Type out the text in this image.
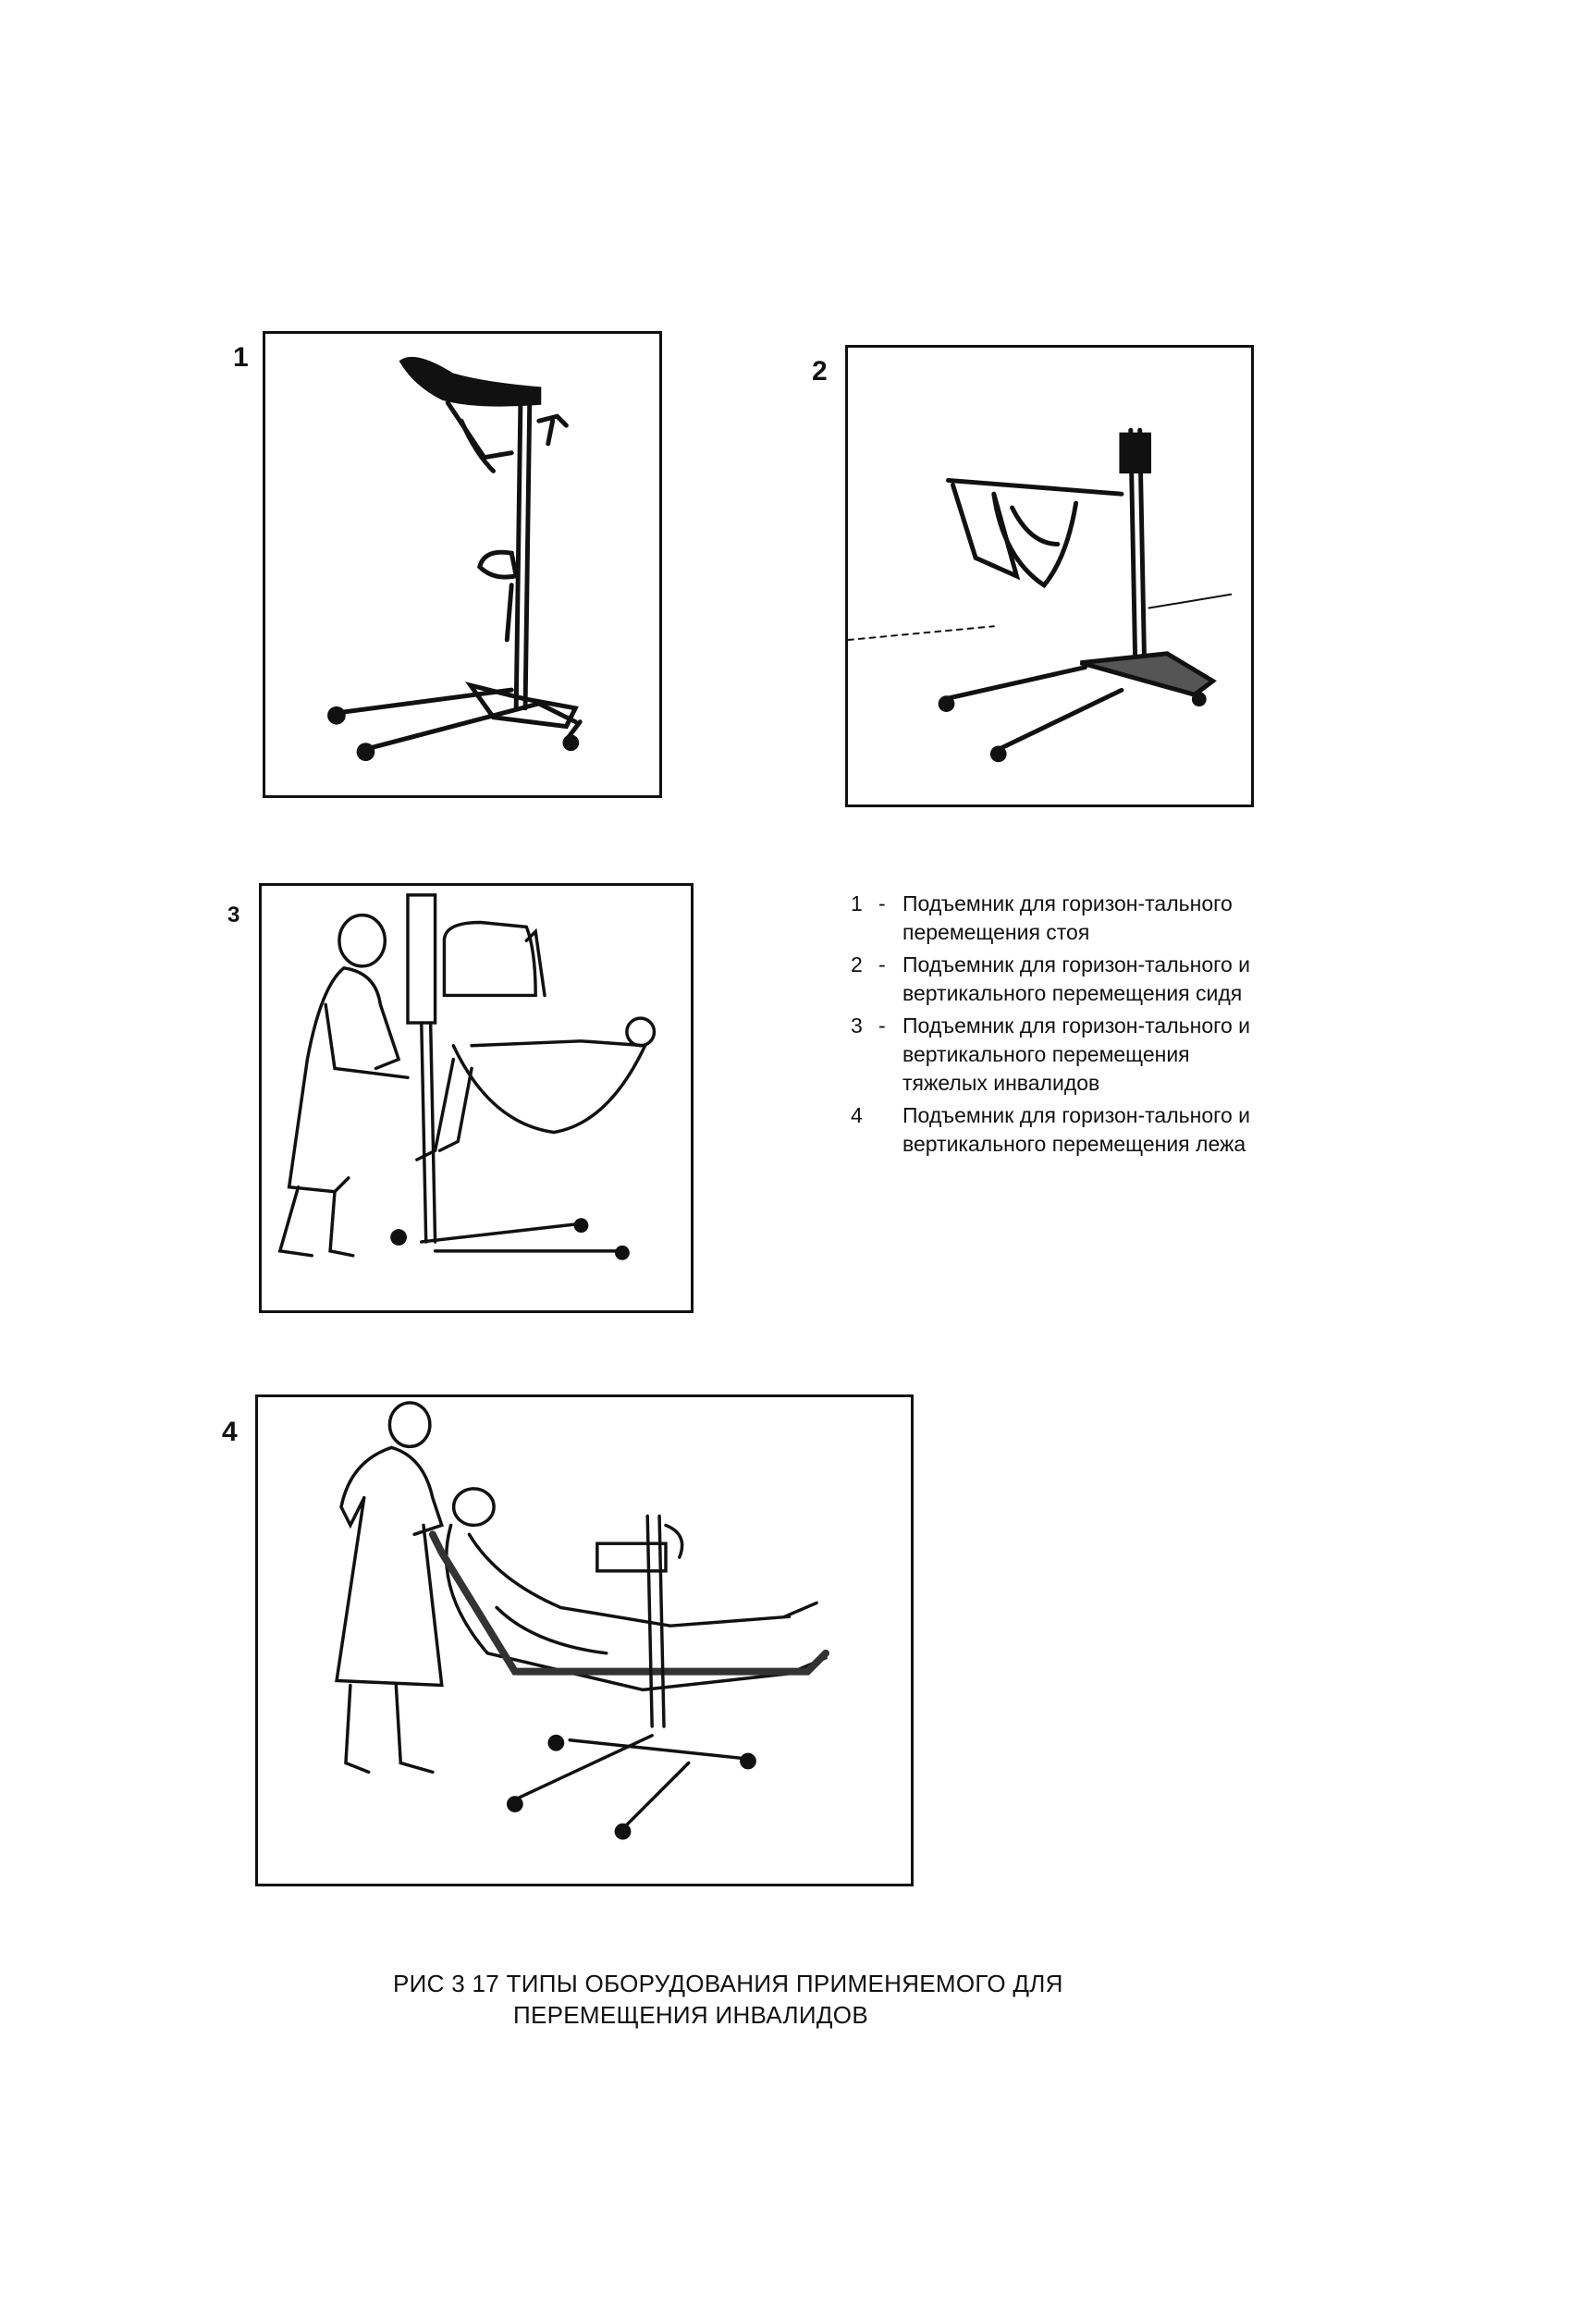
1	2
3
4
1 - Подъемник для горизон-тального перемещения стоя
2 - Подъемник для горизон-тального и вертикального перемещения сидя
3 - Подъемник для горизон-тального и вертикального перемещения тяжелых инвалидов
4	Подъемник для горизон-тального и вертикального перемещения лежа
РИС 3 17 ТИПЫ ОБОРУДОВАНИЯ ПРИМЕНЯЕМОГО ДЛЯ
ПЕРЕМЕЩЕНИЯ ИНВАЛИДОВ
